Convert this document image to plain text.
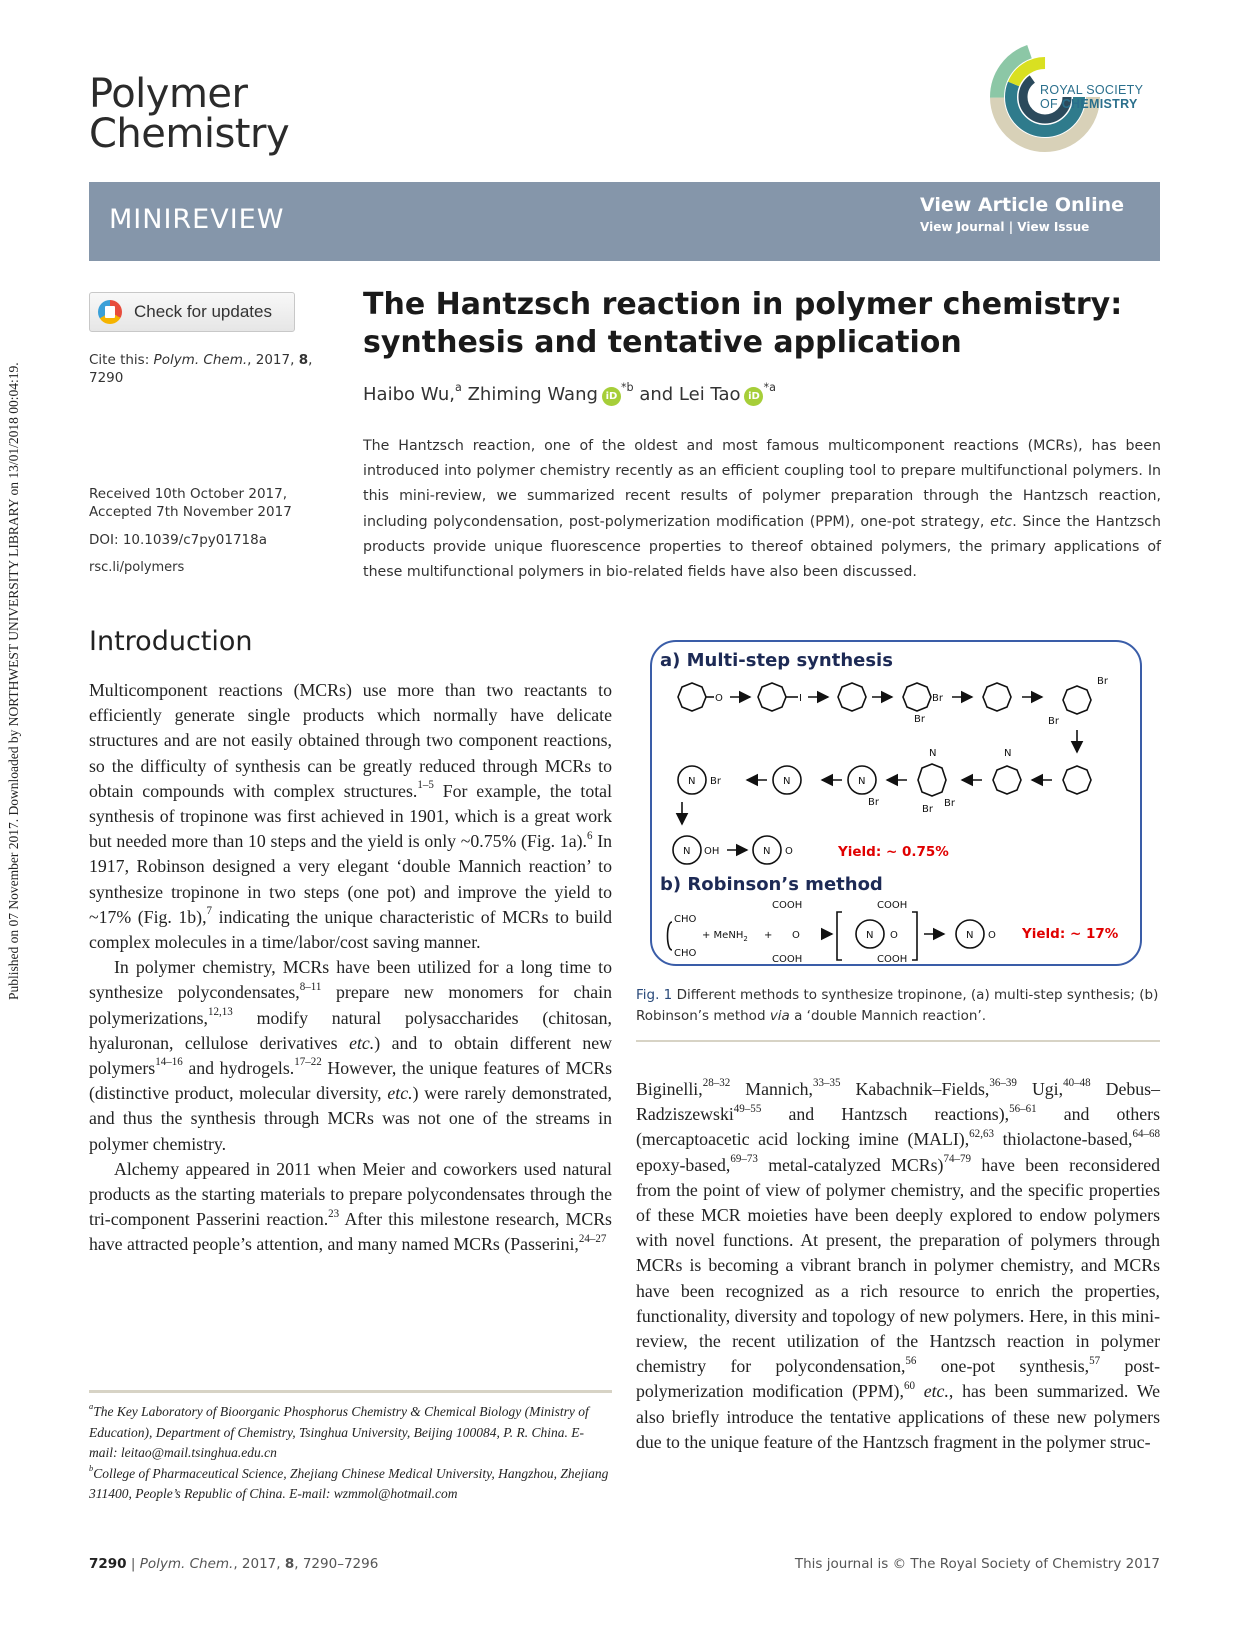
Published on 07 November 2017. Downloaded by NORTHWEST UNIVERSITY LIBRARY on 13/01/2018 00:04:19.
Polymer
Chemistry
ROYAL SOCIETY
OF CHEMISTRY
MINIREVIEW	View Article Online
View Journal | View Issue
Check for updates
Cite this: Polym. Chem., 2017, 8,
7290
Received 10th October 2017,
Accepted 7th November 2017
DOI: 10.1039/c7py01718a
rsc.li/polymers
The Hantzsch reaction in polymer chemistry:
synthesis and tentative application
Haibo Wu,$^a$ Zhiming Wang $iD^{*b}$ and Lei Tao $iD^{*a}$
The Hantzsch reaction, one of the oldest and most famous multicomponent reactions (MCRs), has been introduced into polymer chemistry recently as an efficient coupling tool to prepare multifunctional polymers. In this mini-review, we summarized recent results of polymer preparation through the Hantzsch reaction, including polycondensation, post-polymerization modification (PPM), one-pot strategy, etc. Since the Hantzsch products provide unique fluorescence properties to thereof obtained polymers, the primary applications of these multifunctional polymers in bio-related fields have also been discussed.
Introduction

Multicomponent reactions (MCRs) use more than two reactants to efficiently generate single products which normally have delicate structures and are not easily obtained through two component reactions, so the difficulty of synthesis can be greatly reduced through MCRs to obtain compounds with complex structures.$^{1-5}$ For example, the total synthesis of tropinone was first achieved in 1901, which is a great work but needed more than 10 steps and the yield is only ~0.75% (Fig. 1a).$^6$ In 1917, Robinson designed a very elegant ‘double Mannich reaction’ to synthesize tropinone in two steps (one pot) and improve the yield to ~17% (Fig. 1b),$^7$ indicating the unique characteristic of MCRs to build complex molecules in a time/labor/cost saving manner.

In polymer chemistry, MCRs have been utilized for a long time to synthesize polycondensates,$^{8-11}$ prepare new monomers for chain polymerizations,$^{12,13}$ modify natural polysaccharides (chitosan, hyaluronan, cellulose derivatives etc.) and to obtain different new polymers$^{14-16}$ and hydrogels.$^{17-22}$ However, the unique features of MCRs (distinctive product, molecular diversity, etc.) were rarely demonstrated, and thus the synthesis through MCRs was not one of the streams in polymer chemistry.

Alchemy appeared in 2011 when Meier and coworkers used natural products as the starting materials to prepare polycondensates through the tri-component Passerini reaction.$^{23}$ After this milestone research, MCRs have attracted people’s attention, and many named MCRs (Passerini,$^{24-27}$

a) Multi-step synthesis
O	I	Br
Br
Br
Br
N
N
Br
Br
Br
N Br	N	N
N OH	N O
CHO
CHO
+ MeNH$_2$ +
COOH
O
COOH
COOH
N O
COOH
N O
Yield: ~ 0.75%
b) Robinson’s method
Yield: ~ 17%
Fig. 1 Different methods to synthesize tropinone, (a) multi-step synthesis; (b) Robinson’s method via a ‘double Mannich reaction’.

Biginelli,$^{28-32}$ Mannich,$^{33-35}$ Kabachnik–Fields,$^{36-39}$ Ugi,$^{40-48}$ Debus–Radziszewski$^{49-55}$ and Hantzsch reactions),$^{56-61}$ and others (mercaptoacetic acid locking imine (MALI),$^{62,63}$ thiolactone-based,$^{64-68}$ epoxy-based,$^{69-73}$ metal-catalyzed MCRs)$^{74-79}$ have been reconsidered from the point of view of polymer chemistry, and the specific properties of these MCR moieties have been deeply explored to endow polymers with novel functions. At present, the preparation of polymers through MCRs is becoming a vibrant branch in polymer chemistry, and MCRs have been recognized as a rich resource to enrich the properties, functionality, diversity and topology of new polymers. Here, in this mini-review, the recent utilization of the Hantzsch reaction in polymer chemistry for polycondensation,$^{56}$ one-pot synthesis,$^{57}$ post-polymerization modification (PPM),$^{60}$ etc., has been summarized. We also briefly introduce the tentative applications of these new polymers due to the unique feature of the Hantzsch fragment in the polymer struc-

$^a$The Key Laboratory of Bioorganic Phosphorus Chemistry & Chemical Biology (Ministry of Education), Department of Chemistry, Tsinghua University, Beijing 100084, P. R. China. E-mail: leitao@mail.tsinghua.edu.cn
$^b$College of Pharmaceutical Science, Zhejiang Chinese Medical University, Hangzhou, Zhejiang 311400, People’s Republic of China. E-mail: wzmmol@hotmail.com
7290 | Polym. Chem., 2017, 8, 7290–7296	This journal is © The Royal Society of Chemistry 2017
